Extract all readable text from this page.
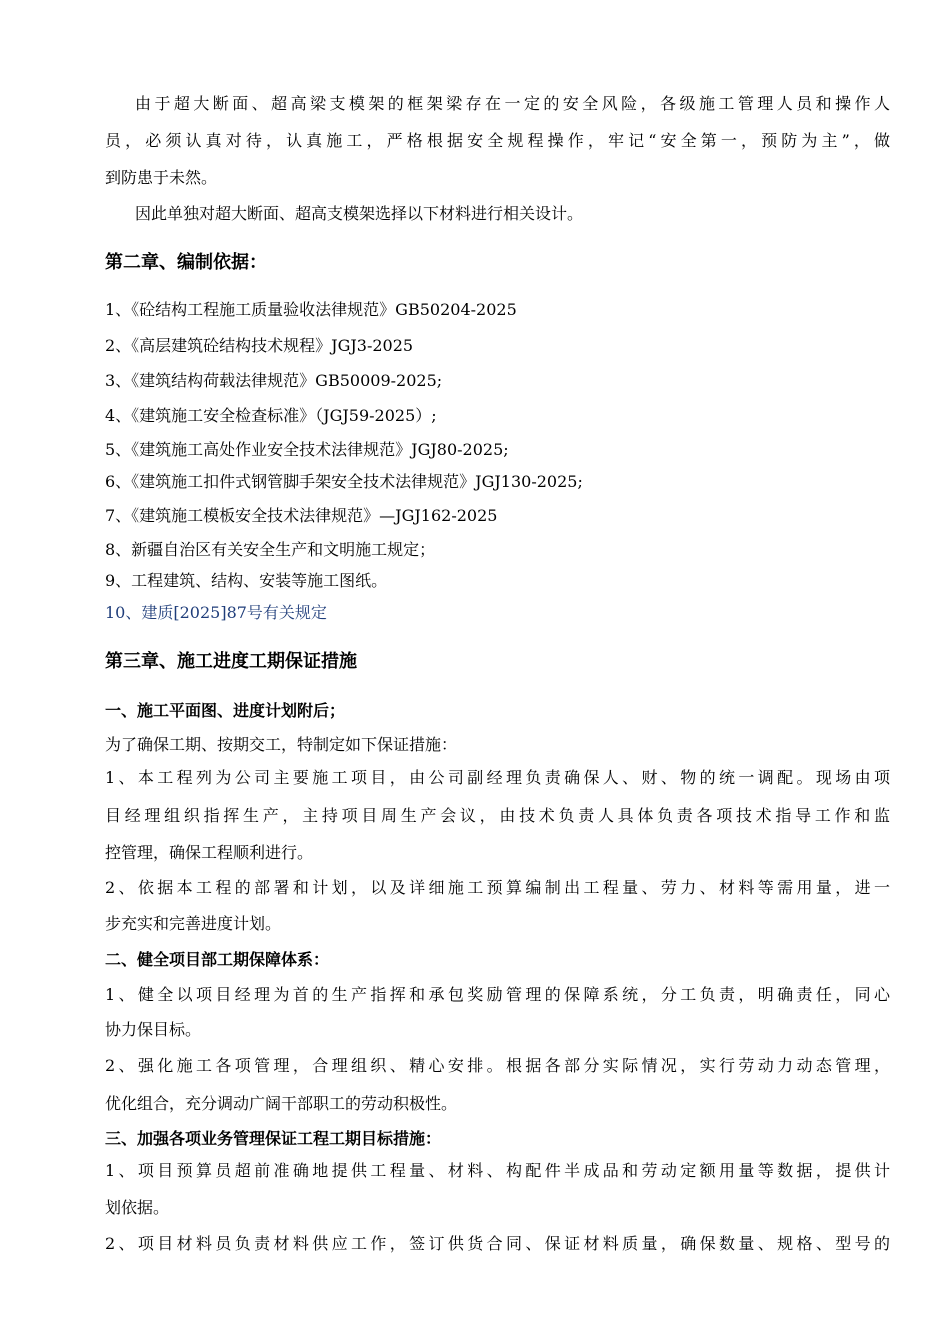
由于超大断面、超高梁支模架的框架梁存在一定的安全风险，各级施工管理人员和操作人
员，必须认真对待，认真施工，严格根据安全规程操作，牢记“安全第一，预防为主”，做
到防患于未然。
因此单独对超大断面、超高支模架选择以下材料进行相关设计。
第二章、编制依据：
1、《砼结构工程施工质量验收法律规范》GB50204-2025
2、《高层建筑砼结构技术规程》JGJ3-2025
3、《建筑结构荷载法律规范》GB50009-2025;
4、《建筑施工安全检查标准》（JGJ59-2025）;
5、《建筑施工高处作业安全技术法律规范》JGJ80-2025;
6、《建筑施工扣件式钢管脚手架安全技术法律规范》JGJ130-2025;
7、《建筑施工模板安全技术法律规范》—JGJ162-2025
8、新疆自治区有关安全生产和文明施工规定；
9、工程建筑、结构、安装等施工图纸。
10、建质[2025]87号有关规定
第三章、施工进度工期保证措施
一、施工平面图、进度计划附后；
为了确保工期、按期交工，特制定如下保证措施：
1、本工程列为公司主要施工项目，由公司副经理负责确保人、财、物的统一调配。现场由项
目经理组织指挥生产，主持项目周生产会议，由技术负责人具体负责各项技术指导工作和监
控管理，确保工程顺利进行。
2、依据本工程的部署和计划，以及详细施工预算编制出工程量、劳力、材料等需用量，进一
步充实和完善进度计划。
二、健全项目部工期保障体系：
1、健全以项目经理为首的生产指挥和承包奖励管理的保障系统，分工负责，明确责任，同心
协力保目标。
2、强化施工各项管理，合理组织、精心安排。根据各部分实际情况，实行劳动力动态管理，
优化组合，充分调动广阔干部职工的劳动积极性。
三、加强各项业务管理保证工程工期目标措施：
1、项目预算员超前准确地提供工程量、材料、构配件半成品和劳动定额用量等数据，提供计
划依据。
2、项目材料员负责材料供应工作，签订供货合同、保证材料质量，确保数量、规格、型号的
